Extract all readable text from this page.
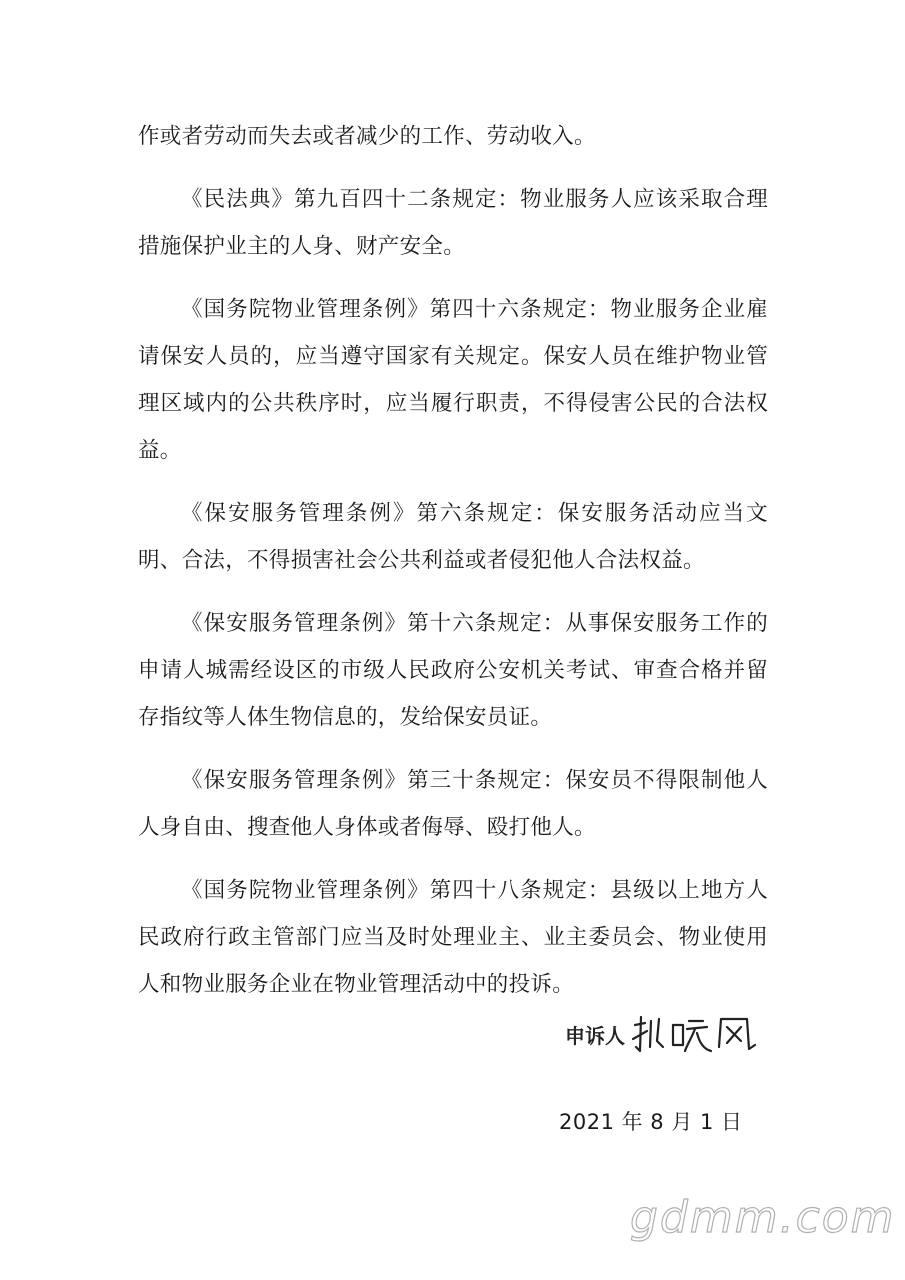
作或者劳动而失去或者减少的工作、劳动收入。

《民法典》第九百四十二条规定：物业服务人应该采取合理措施保护业主的人身、财产安全。

《国务院物业管理条例》第四十六条规定：物业服务企业雇请保安人员的，应当遵守国家有关规定。保安人员在维护物业管理区域内的公共秩序时，应当履行职责，不得侵害公民的合法权益。

《保安服务管理条例》第六条规定：保安服务活动应当文明、合法，不得损害社会公共利益或者侵犯他人合法权益。

《保安服务管理条例》第十六条规定：从事保安服务工作的申请人城需经设区的市级人民政府公安机关考试、审查合格并留存指纹等人体生物信息的，发给保安员证。

《保安服务管理条例》第三十条规定：保安员不得限制他人人身自由、搜查他人身体或者侮辱、殴打他人。

《国务院物业管理条例》第四十八条规定：县级以上地方人民政府行政主管部门应当及时处理业主、业主委员会、物业使用人和物业服务企业在物业管理活动中的投诉。

申诉人
2021 年 8 月 1 日
gdmm.com
